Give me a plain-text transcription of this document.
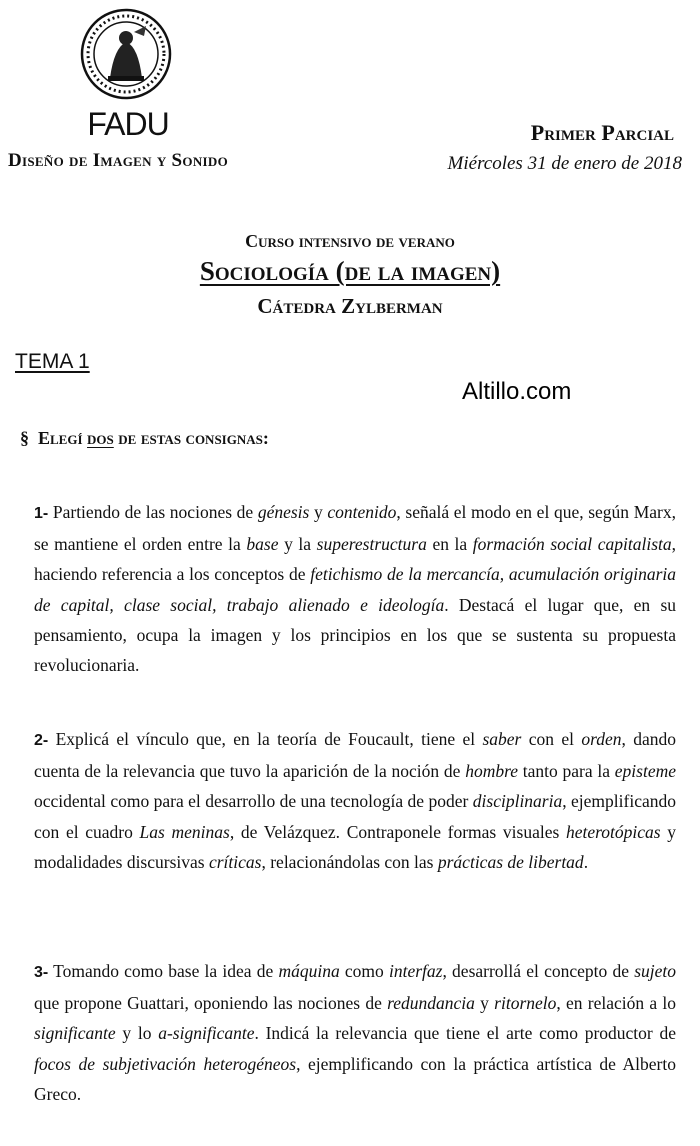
FADU
Diseño de Imagen y Sonido
Primer Parcial
Miércoles 31 de enero de 2018
Curso intensivo de verano
Sociología (de la imagen)
Cátedra Zylberman
TEMA 1
Altillo.com
§ Elegí dos de estas consignas:
1- Partiendo de las nociones de génesis y contenido, señalá el modo en el que, según Marx, se mantiene el orden entre la base y la superestructura en la formación social capitalista, haciendo referencia a los conceptos de fetichismo de la mercancía, acumulación originaria de capital, clase social, trabajo alienado e ideología. Destacá el lugar que, en su pensamiento, ocupa la imagen y los principios en los que se sustenta su propuesta revolucionaria.
2- Explicá el vínculo que, en la teoría de Foucault, tiene el saber con el orden, dando cuenta de la relevancia que tuvo la aparición de la noción de hombre tanto para la episteme occidental como para el desarrollo de una tecnología de poder disciplinaria, ejemplificando con el cuadro Las meninas, de Velázquez. Contraponele formas visuales heterotópicas y modalidades discursivas críticas, relacionándolas con las prácticas de libertad.
3- Tomando como base la idea de máquina como interfaz, desarrollá el concepto de sujeto que propone Guattari, oponiendo las nociones de redundancia y ritornelo, en relación a lo significante y lo a-significante. Indicá la relevancia que tiene el arte como productor de focos de subjetivación heterogéneos, ejemplificando con la práctica artística de Alberto Greco.
